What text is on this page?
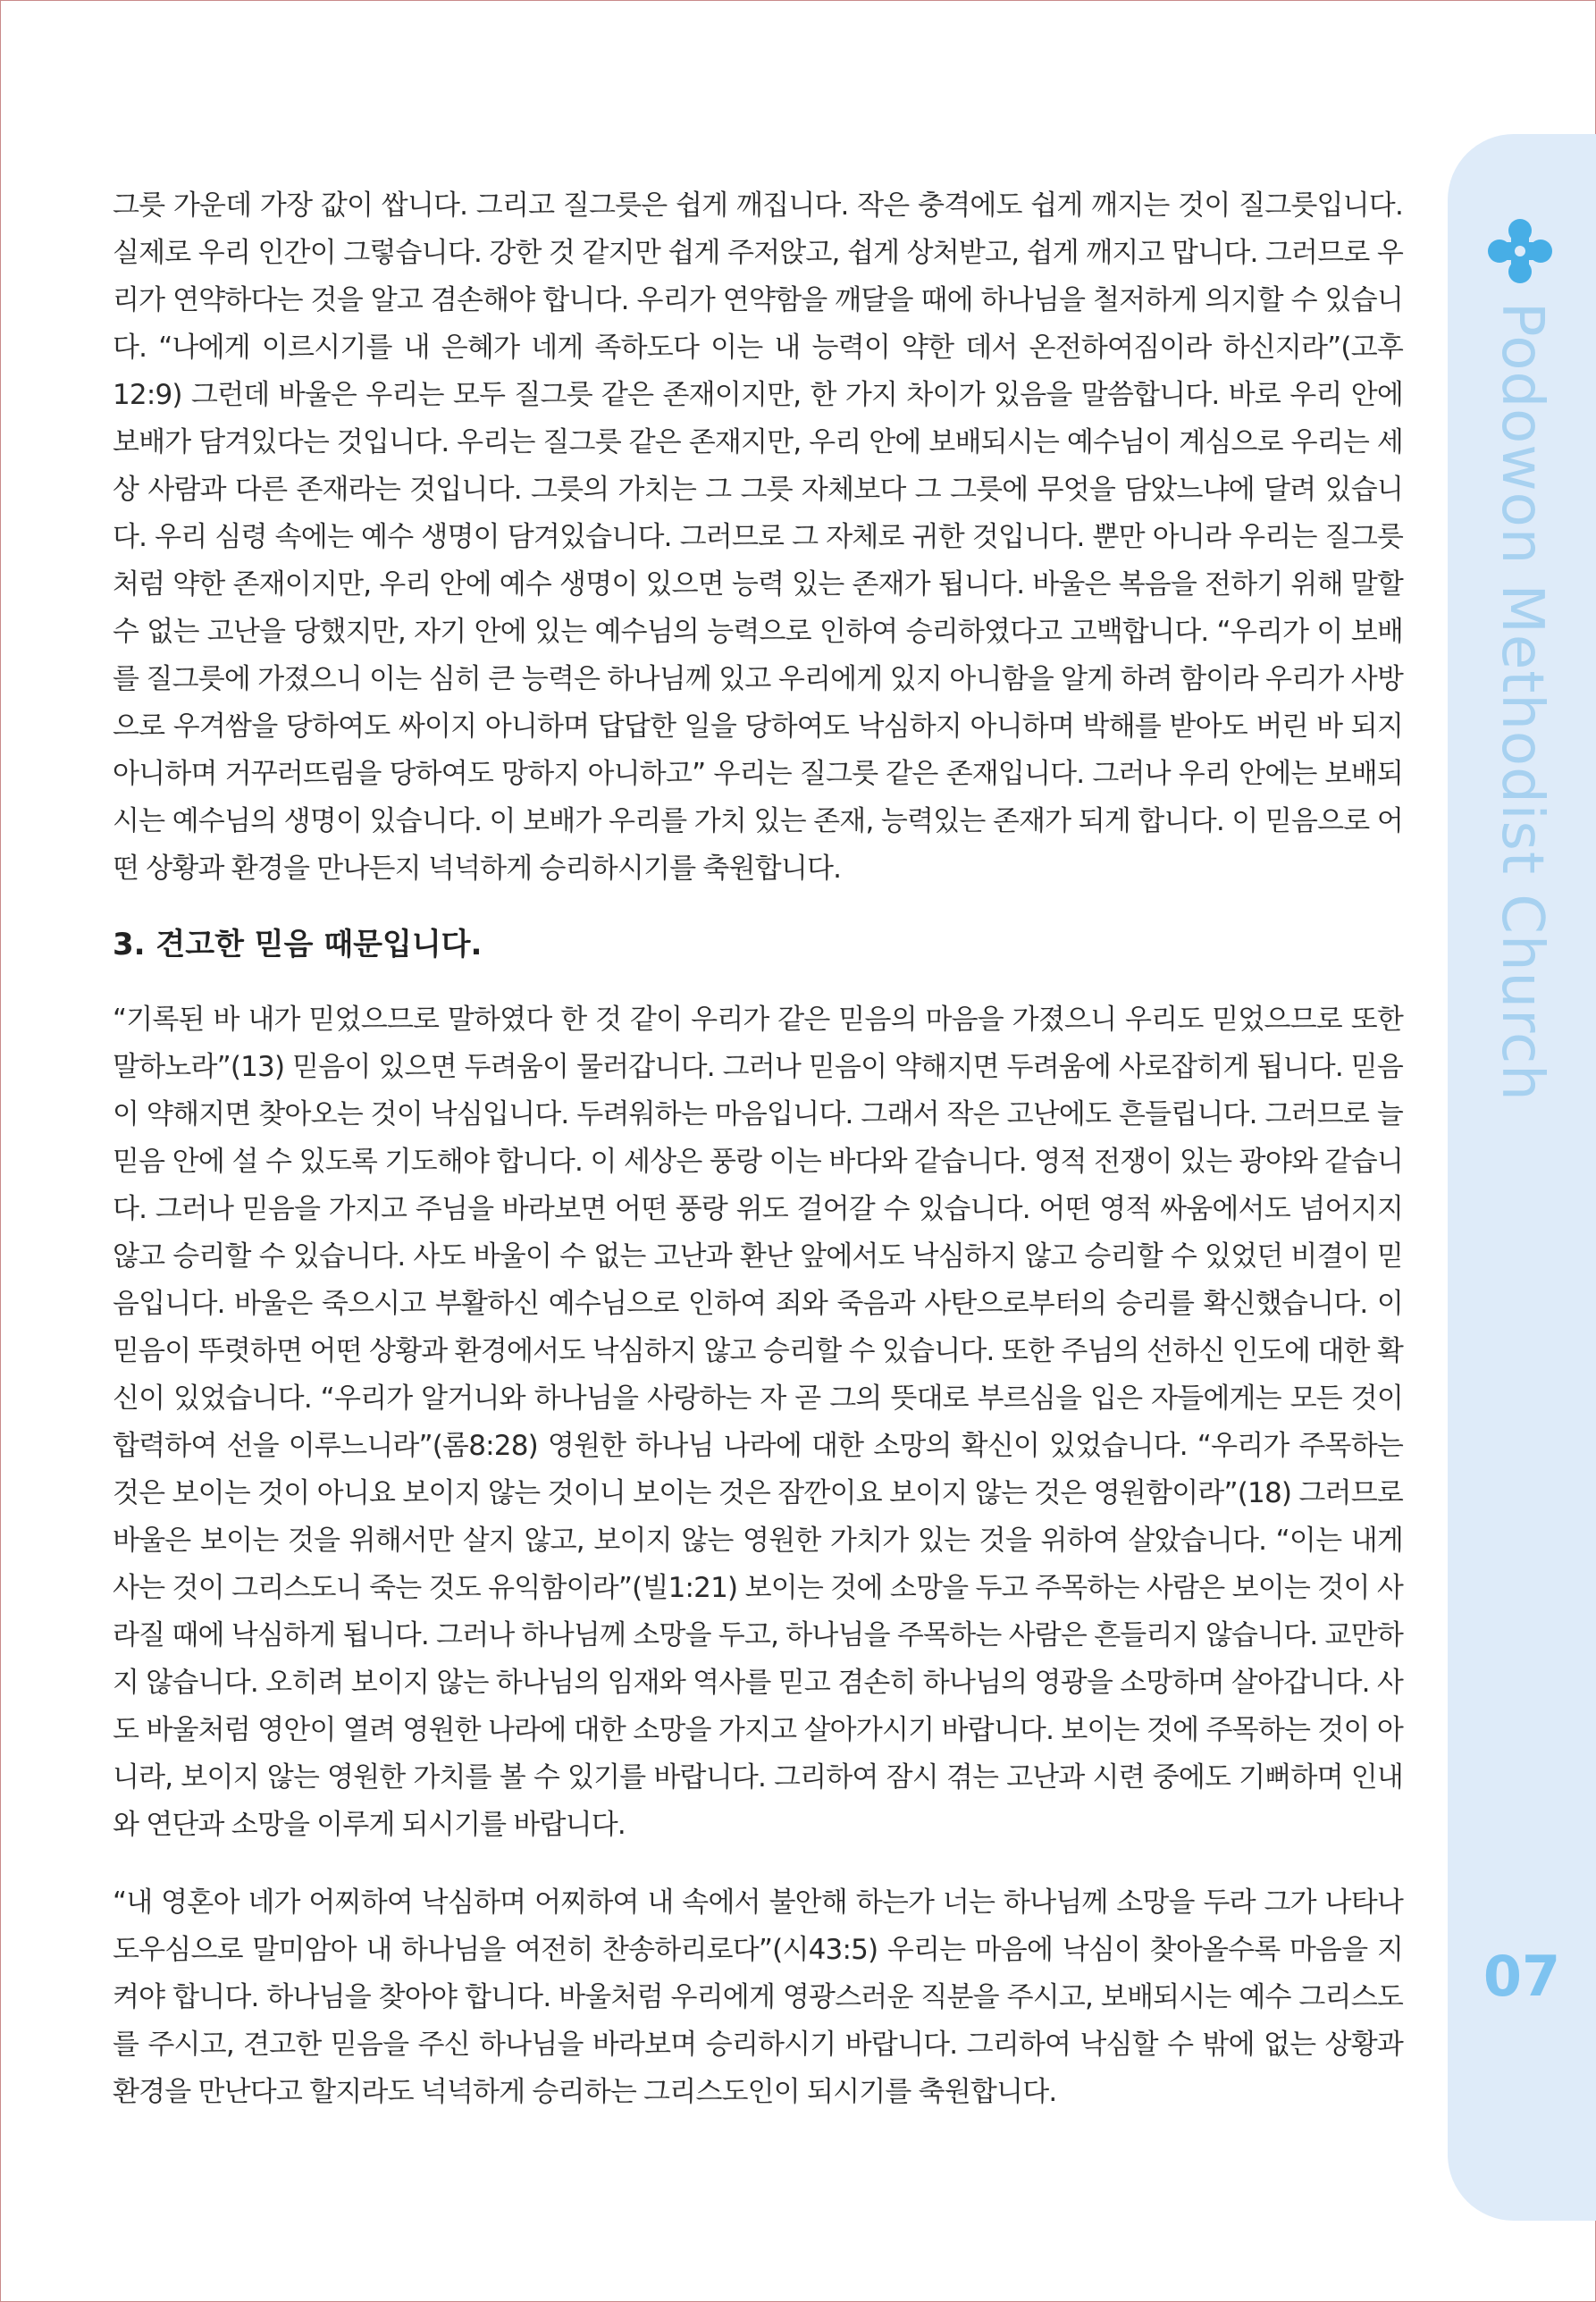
그릇 가운데 가장 값이 쌉니다. 그리고 질그릇은 쉽게 깨집니다. 작은 충격에도 쉽게 깨지는 것이 질그릇입니다. 실제로 우리 인간이 그렇습니다. 강한 것 같지만 쉽게 주저앉고, 쉽게 상처받고, 쉽게 깨지고 맙니다. 그러므로 우리가 연약하다는 것을 알고 겸손해야 합니다. 우리가 연약함을 깨달을 때에 하나님을 철저하게 의지할 수 있습니다. “나에게 이르시기를 내 은혜가 네게 족하도다 이는 내 능력이 약한 데서 온전하여짐이라 하신지라”(고후12:9) 그런데 바울은 우리는 모두 질그릇 같은 존재이지만, 한 가지 차이가 있음을 말씀합니다. 바로 우리 안에 보배가 담겨있다는 것입니다. 우리는 질그릇 같은 존재지만, 우리 안에 보배되시는 예수님이 계심으로 우리는 세상 사람과 다른 존재라는 것입니다. 그릇의 가치는 그 그릇 자체보다 그 그릇에 무엇을 담았느냐에 달려 있습니다. 우리 심령 속에는 예수 생명이 담겨있습니다. 그러므로 그 자체로 귀한 것입니다. 뿐만 아니라 우리는 질그릇처럼 약한 존재이지만, 우리 안에 예수 생명이 있으면 능력 있는 존재가 됩니다. 바울은 복음을 전하기 위해 말할 수 없는 고난을 당했지만, 자기 안에 있는 예수님의 능력으로 인하여 승리하였다고 고백합니다. “우리가 이 보배를 질그릇에 가졌으니 이는 심히 큰 능력은 하나님께 있고 우리에게 있지 아니함을 알게 하려 함이라 우리가 사방으로 우겨쌈을 당하여도 싸이지 아니하며 답답한 일을 당하여도 낙심하지 아니하며 박해를 받아도 버린 바 되지 아니하며 거꾸러뜨림을 당하여도 망하지 아니하고” 우리는 질그릇 같은 존재입니다. 그러나 우리 안에는 보배되시는 예수님의 생명이 있습니다. 이 보배가 우리를 가치 있는 존재, 능력있는 존재가 되게 합니다. 이 믿음으로 어떤 상황과 환경을 만나든지 넉넉하게 승리하시기를 축원합니다.

3. 견고한 믿음 때문입니다.

“기록된 바 내가 믿었으므로 말하였다 한 것 같이 우리가 같은 믿음의 마음을 가졌으니 우리도 믿었으므로 또한 말하노라”(13) 믿음이 있으면 두려움이 물러갑니다. 그러나 믿음이 약해지면 두려움에 사로잡히게 됩니다. 믿음이 약해지면 찾아오는 것이 낙심입니다. 두려워하는 마음입니다. 그래서 작은 고난에도 흔들립니다. 그러므로 늘 믿음 안에 설 수 있도록 기도해야 합니다. 이 세상은 풍랑 이는 바다와 같습니다. 영적 전쟁이 있는 광야와 같습니다. 그러나 믿음을 가지고 주님을 바라보면 어떤 풍랑 위도 걸어갈 수 있습니다. 어떤 영적 싸움에서도 넘어지지 않고 승리할 수 있습니다. 사도 바울이 수 없는 고난과 환난 앞에서도 낙심하지 않고 승리할 수 있었던 비결이 믿음입니다. 바울은 죽으시고 부활하신 예수님으로 인하여 죄와 죽음과 사탄으로부터의 승리를 확신했습니다. 이 믿음이 뚜렷하면 어떤 상황과 환경에서도 낙심하지 않고 승리할 수 있습니다. 또한 주님의 선하신 인도에 대한 확신이 있었습니다. “우리가 알거니와 하나님을 사랑하는 자 곧 그의 뜻대로 부르심을 입은 자들에게는 모든 것이 합력하여 선을 이루느니라”(롬8:28) 영원한 하나님 나라에 대한 소망의 확신이 있었습니다. “우리가 주목하는 것은 보이는 것이 아니요 보이지 않는 것이니 보이는 것은 잠깐이요 보이지 않는 것은 영원함이라”(18) 그러므로 바울은 보이는 것을 위해서만 살지 않고, 보이지 않는 영원한 가치가 있는 것을 위하여 살았습니다. “이는 내게 사는 것이 그리스도니 죽는 것도 유익함이라”(빌1:21) 보이는 것에 소망을 두고 주목하는 사람은 보이는 것이 사라질 때에 낙심하게 됩니다. 그러나 하나님께 소망을 두고, 하나님을 주목하는 사람은 흔들리지 않습니다. 교만하지 않습니다. 오히려 보이지 않는 하나님의 임재와 역사를 믿고 겸손히 하나님의 영광을 소망하며 살아갑니다. 사도 바울처럼 영안이 열려 영원한 나라에 대한 소망을 가지고 살아가시기 바랍니다. 보이는 것에 주목하는 것이 아니라, 보이지 않는 영원한 가치를 볼 수 있기를 바랍니다. 그리하여 잠시 겪는 고난과 시련 중에도 기뻐하며 인내와 연단과 소망을 이루게 되시기를 바랍니다.

“내 영혼아 네가 어찌하여 낙심하며 어찌하여 내 속에서 불안해 하는가 너는 하나님께 소망을 두라 그가 나타나 도우심으로 말미암아 내 하나님을 여전히 찬송하리로다”(시43:5) 우리는 마음에 낙심이 찾아올수록 마음을 지켜야 합니다. 하나님을 찾아야 합니다. 바울처럼 우리에게 영광스러운 직분을 주시고, 보배되시는 예수 그리스도를 주시고, 견고한 믿음을 주신 하나님을 바라보며 승리하시기 바랍니다. 그리하여 낙심할 수 밖에 없는 상황과 환경을 만난다고 할지라도 넉넉하게 승리하는 그리스도인이 되시기를 축원합니다.

Podowon Methodist Church
07
